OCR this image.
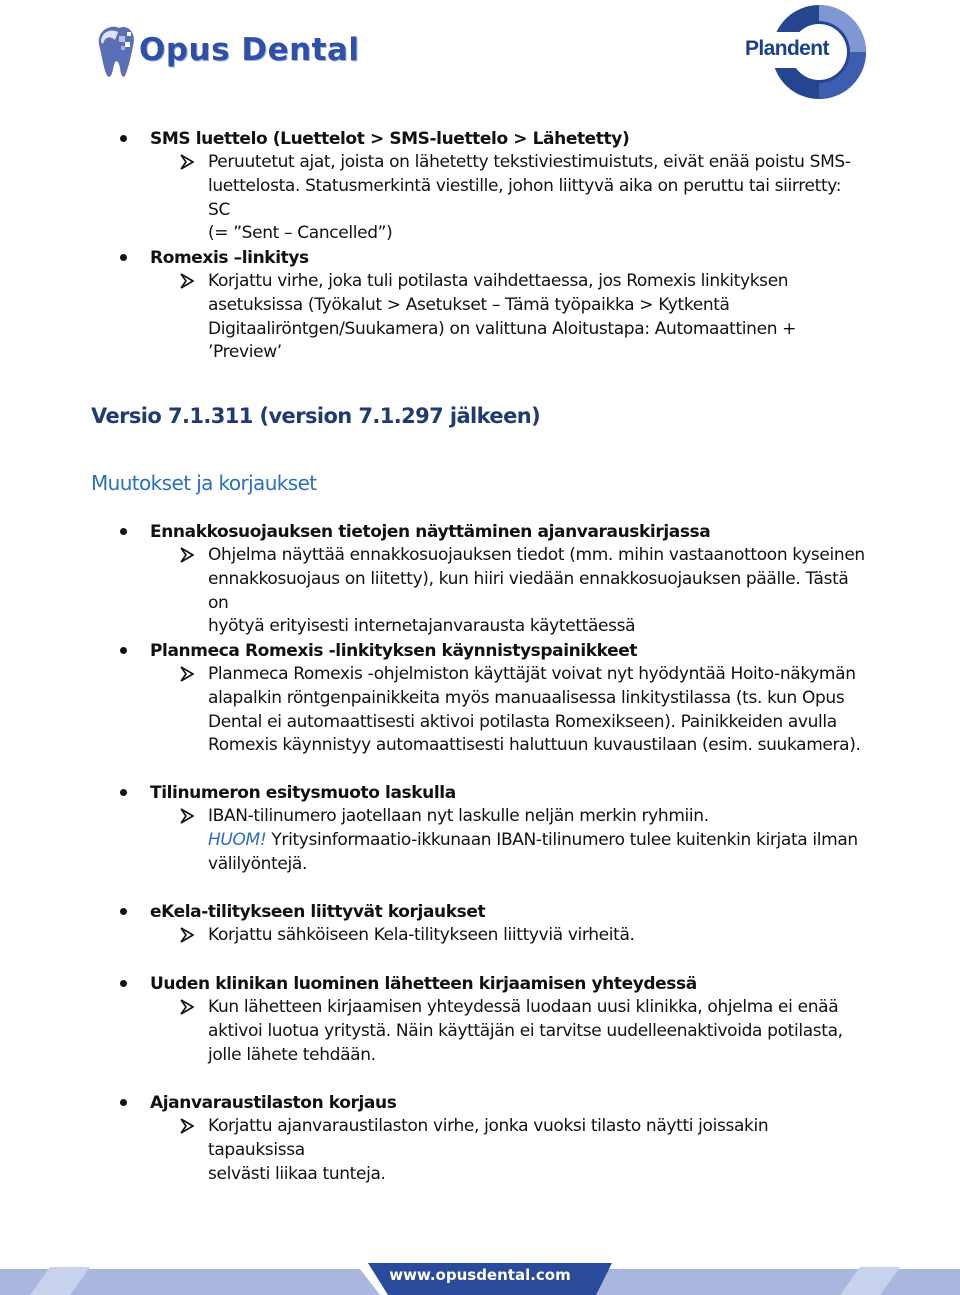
Opus Dental	Plandent
SMS luettelo (Luettelot > SMS-luettelo > Lähetetty)
Peruutetut ajat, joista on lähetetty tekstiviestimuistuts, eivät enää poistu SMS-
luettelosta. Statusmerkintä viestille, johon liittyvä aika on peruttu tai siirretty: SC
(= ”Sent – Cancelled”)
Romexis –linkitys
Korjattu virhe, joka tuli potilasta vaihdettaessa, jos Romexis linkityksen
asetuksissa (Työkalut > Asetukset – Tämä työpaikka > Kytkentä
Digitaaliröntgen/Suukamera) on valittuna Aloitustapa: Automaattinen +
’Preview’
Versio 7.1.311 (version 7.1.297 jälkeen)
Muutokset ja korjaukset
Ennakkosuojauksen tietojen näyttäminen ajanvarauskirjassa
Ohjelma näyttää ennakkosuojauksen tiedot (mm. mihin vastaanottoon kyseinen
ennakkosuojaus on liitetty), kun hiiri viedään ennakkosuojauksen päälle. Tästä on
hyötyä erityisesti internetajanvarausta käytettäessä
Planmeca Romexis -linkityksen käynnistyspainikkeet
Planmeca Romexis -ohjelmiston käyttäjät voivat nyt hyödyntää Hoito-näkymän
alapalkin röntgenpainikkeita myös manuaalisessa linkitystilassa (ts. kun Opus
Dental ei automaattisesti aktivoi potilasta Romexikseen). Painikkeiden avulla
Romexis käynnistyy automaattisesti haluttuun kuvaustilaan (esim. suukamera).
Tilinumeron esitysmuoto laskulla
IBAN-tilinumero jaotellaan nyt laskulle neljän merkin ryhmiin.
HUOM! Yritysinformaatio-ikkunaan IBAN-tilinumero tulee kuitenkin kirjata ilman
välilyöntejä.
eKela-tilitykseen liittyvät korjaukset
Korjattu sähköiseen Kela-tilitykseen liittyviä virheitä.
Uuden klinikan luominen lähetteen kirjaamisen yhteydessä
Kun lähetteen kirjaamisen yhteydessä luodaan uusi klinikka, ohjelma ei enää
aktivoi luotua yritystä. Näin käyttäjän ei tarvitse uudelleenaktivoida potilasta,
jolle lähete tehdään.
Ajanvaraustilaston korjaus
Korjattu ajanvaraustilaston virhe, jonka vuoksi tilasto näytti joissakin tapauksissa
selvästi liikaa tunteja.
www.opusdental.com
